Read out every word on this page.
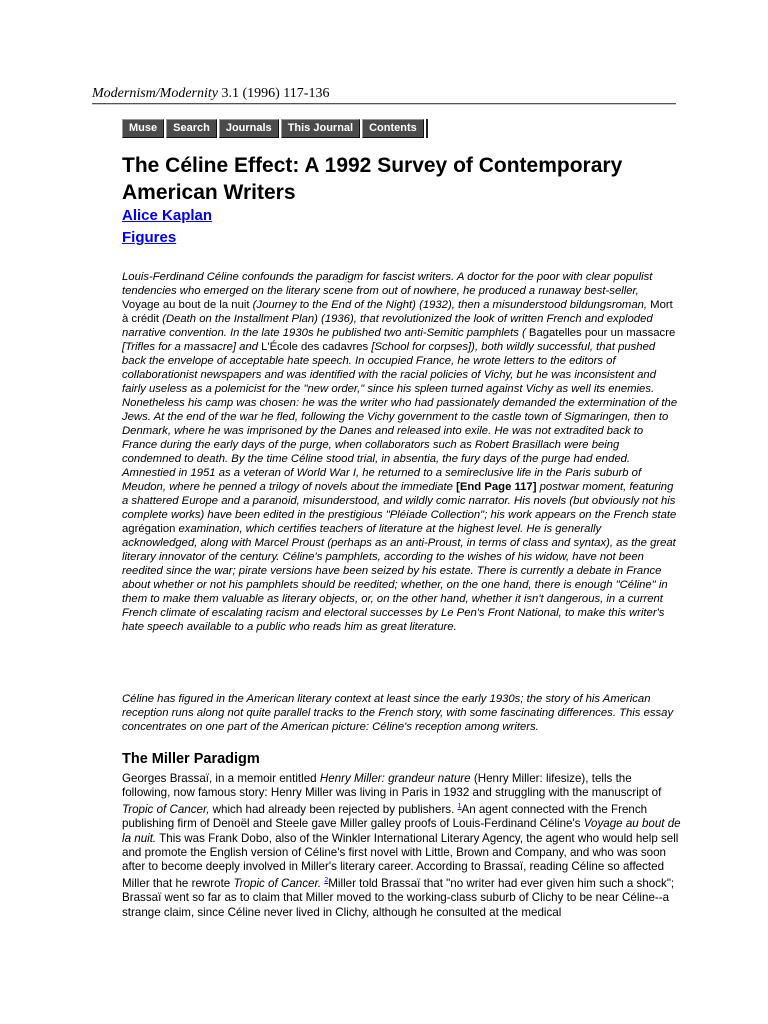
Modernism/Modernity 3.1 (1996) 117-136
Muse	Search	Journals	This Journal	Contents
The Céline Effect: A 1992 Survey of Contemporary American Writers
Alice Kaplan
Figures

Louis-Ferdinand Céline confounds the paradigm for fascist writers. A doctor for the poor with clear populist tendencies who emerged on the literary scene from out of nowhere, he produced a runaway best-seller, Voyage au bout de la nuit (Journey to the End of the Night) (1932), then a misunderstood bildungsroman, Mort à crédit (Death on the Installment Plan) (1936), that revolutionized the look of written French and exploded narrative convention. In the late 1930s he published two anti-Semitic pamphlets ( Bagatelles pour un massacre [Trifles for a massacre] and L'École des cadavres [School for corpses]), both wildly successful, that pushed back the envelope of acceptable hate speech. In occupied France, he wrote letters to the editors of collaborationist newspapers and was identified with the racial policies of Vichy, but he was inconsistent and fairly useless as a polemicist for the "new order," since his spleen turned against Vichy as well its enemies. Nonetheless his camp was chosen: he was the writer who had passionately demanded the extermination of the Jews. At the end of the war he fled, following the Vichy government to the castle town of Sigmaringen, then to Denmark, where he was imprisoned by the Danes and released into exile. He was not extradited back to France during the early days of the purge, when collaborators such as Robert Brasillach were being condemned to death. By the time Céline stood trial, in absentia, the fury days of the purge had ended. Amnestied in 1951 as a veteran of World War I, he returned to a semireclusive life in the Paris suburb of Meudon, where he penned a trilogy of novels about the immediate [End Page 117] postwar moment, featuring a shattered Europe and a paranoid, misunderstood, and wildly comic narrator. His novels (but obviously not his complete works) have been edited in the prestigious "Pléiade Collection"; his work appears on the French state agrégation examination, which certifies teachers of literature at the highest level. He is generally acknowledged, along with Marcel Proust (perhaps as an anti-Proust, in terms of class and syntax), as the great literary innovator of the century. Céline's pamphlets, according to the wishes of his widow, have not been reedited since the war; pirate versions have been seized by his estate. There is currently a debate in France about whether or not his pamphlets should be reedited; whether, on the one hand, there is enough "Céline" in them to make them valuable as literary objects, or, on the other hand, whether it isn't dangerous, in a current French climate of escalating racism and electoral successes by Le Pen's Front National, to make this writer's hate speech available to a public who reads him as great literature.

Céline has figured in the American literary context at least since the early 1930s; the story of his American reception runs along not quite parallel tracks to the French story, with some fascinating differences. This essay concentrates on one part of the American picture: Céline's reception among writers.

The Miller Paradigm

Georges Brassaï, in a memoir entitled Henry Miller: grandeur nature (Henry Miller: lifesize), tells the following, now famous story: Henry Miller was living in Paris in 1932 and struggling with the manuscript of Tropic of Cancer, which had already been rejected by publishers. $^1$An agent connected with the French publishing firm of Denoël and Steele gave Miller galley proofs of Louis-Ferdinand Céline's Voyage au bout de la nuit. This was Frank Dobo, also of the Winkler International Literary Agency, the agent who would help sell and promote the English version of Céline's first novel with Little, Brown and Company, and who was soon after to become deeply involved in Miller's literary career. According to Brassaï, reading Céline so affected Miller that he rewrote Tropic of Cancer. $^2$Miller told Brassaï that "no writer had ever given him such a shock"; Brassaï went so far as to claim that Miller moved to the working-class suburb of Clichy to be near Céline--a strange claim, since Céline never lived in Clichy, although he consulted at the medical
